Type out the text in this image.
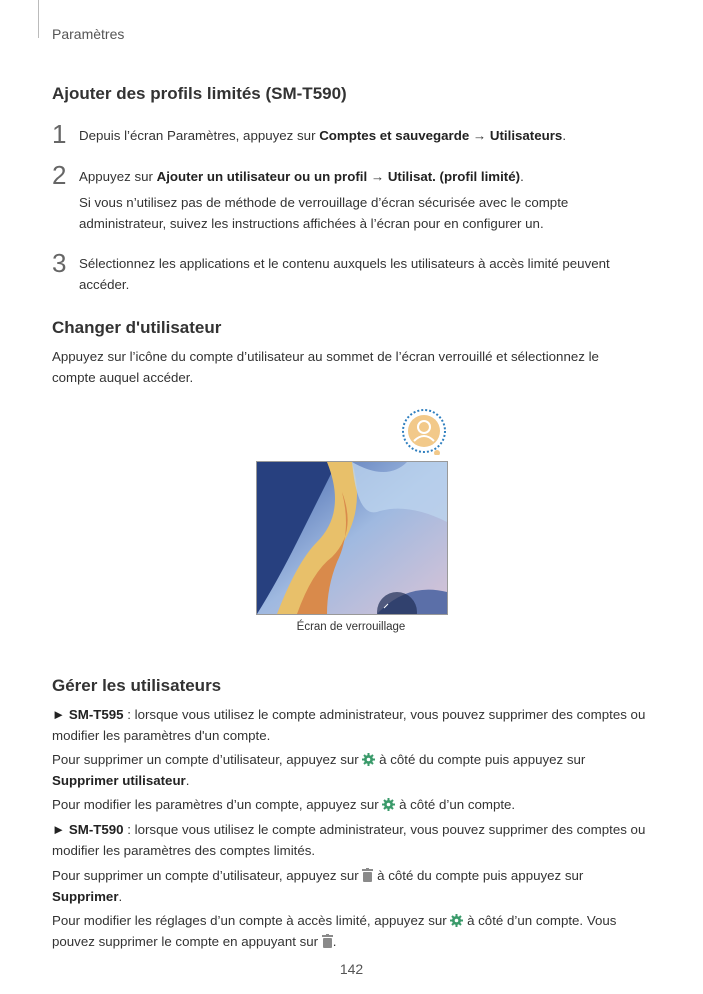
Paramètres
Ajouter des profils limités (SM-T590)
1 Depuis l’écran Paramètres, appuyez sur Comptes et sauvegarde → Utilisateurs.
2 Appuyez sur Ajouter un utilisateur ou un profil → Utilisat. (profil limité).
Si vous n’utilisez pas de méthode de verrouillage d’écran sécurisée avec le compte
administrateur, suivez les instructions affichées à l’écran pour en configurer un.
3 Sélectionnez les applications et le contenu auxquels les utilisateurs à accès limité peuvent
accéder.
Changer d'utilisateur
Appuyez sur l’icône du compte d’utilisateur au sommet de l’écran verrouillé et sélectionnez le
compte auquel accéder.
Écran de verrouillage
Gérer les utilisateurs
► SM-T595 : lorsque vous utilisez le compte administrateur, vous pouvez supprimer des comptes ou
modifier les paramètres d'un compte.
Pour supprimer un compte d’utilisateur, appuyez sur  à côté du compte puis appuyez sur
Supprimer utilisateur.
Pour modifier les paramètres d’un compte, appuyez sur  à côté d’un compte.
► SM-T590 : lorsque vous utilisez le compte administrateur, vous pouvez supprimer des comptes ou
modifier les paramètres des comptes limités.
Pour supprimer un compte d’utilisateur, appuyez sur  à côté du compte puis appuyez sur
Supprimer.
Pour modifier les réglages d’un compte à accès limité, appuyez sur  à côté d’un compte. Vous
pouvez supprimer le compte en appuyant sur .
142
